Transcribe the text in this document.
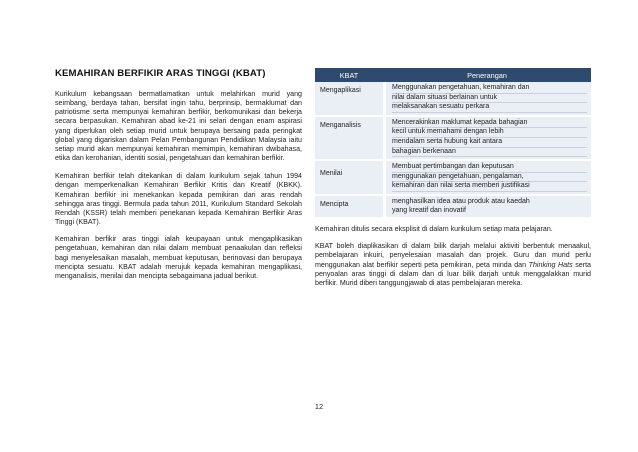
KEMAHIRAN BERFIKIR ARAS TINGGI (KBAT)

Kurikulum kebangsaan bermatlamatkan untuk melahirkan murid yang seimbang, berdaya tahan, bersifat ingin tahu, berprinsip, bermaklumat dan patriotisme serta mempunyai kemahiran berfikir, berkomunikasi dan bekerja secara berpasukan. Kemahiran abad ke-21 ini selari dengan enam aspirasi yang diperlukan oleh setiap murid untuk berupaya bersaing pada peringkat global yang digariskan dalam Pelan Pembangunan Pendidikan Malaysia iaitu setiap murid akan mempunyai kemahiran memimpin, kemahiran dwibahasa, etika dan kerohanian, identiti sosial, pengetahuan dan kemahiran berfikir.

Kemahiran berfikir telah ditekankan di dalam kurikulum sejak tahun 1994 dengan memperkenalkan Kemahiran Berfikir Kritis dan Kreatif (KBKK). Kemahiran berfikir ini menekankan kepada pemikiran dari aras rendah sehingga aras tinggi. Bermula pada tahun 2011, Kurikulum Standard Sekolah Rendah (KSSR) telah memberi penekanan kepada Kemahiran Berfikir Aras Tinggi (KBAT).

Kemahiran berfikir aras tinggi ialah keupayaan untuk mengaplikasikan pengetahuan, kemahiran dan nilai dalam membuat penaakulan dan refleksi bagi menyelesaikan masalah, membuat keputusan, berinovasi dan berupaya mencipta sesuatu. KBAT adalah merujuk kepada kemahiran mengaplikasi, menganalisis, menilai dan mencipta sebagaimana jadual berikut.

KBAT	Penerangan
Mengaplikasi	Menggunakan pengetahuan, kemahiran dan
nilai dalam situasi berlainan untuk
melaksanakan sesuatu perkara

Menganalisis	Mencerakinkan maklumat kepada bahagian
kecil untuk memahami dengan lebih
mendalam serta hubung kait antara
bahagian berkenaan

Menilai	Membuat pertimbangan dan keputusan
menggunakan pengetahuan, pengalaman,
kemahiran dan nilai serta memberi justifikasi

Mencipta	menghasilkan idea atau produk atau kaedah
yang kreatif dan inovatif

Kemahiran ditulis secara eksplisit di dalam kurikulum setiap mata pelajaran.

KBAT boleh diaplikasikan di dalam bilik darjah melalui aktiviti berbentuk menaakul, pembelajaran inkuiri, penyelesaian masalah dan projek. Guru dan murid perlu menggunakan alat berfikir seperti peta pemikiran, peta minda dan Thinking Hats serta penyoalan aras tinggi di dalam dan di luar bilik darjah untuk menggalakkan murid berfikir. Murid diberi tanggungjawab di atas pembelajaran mereka.

12
